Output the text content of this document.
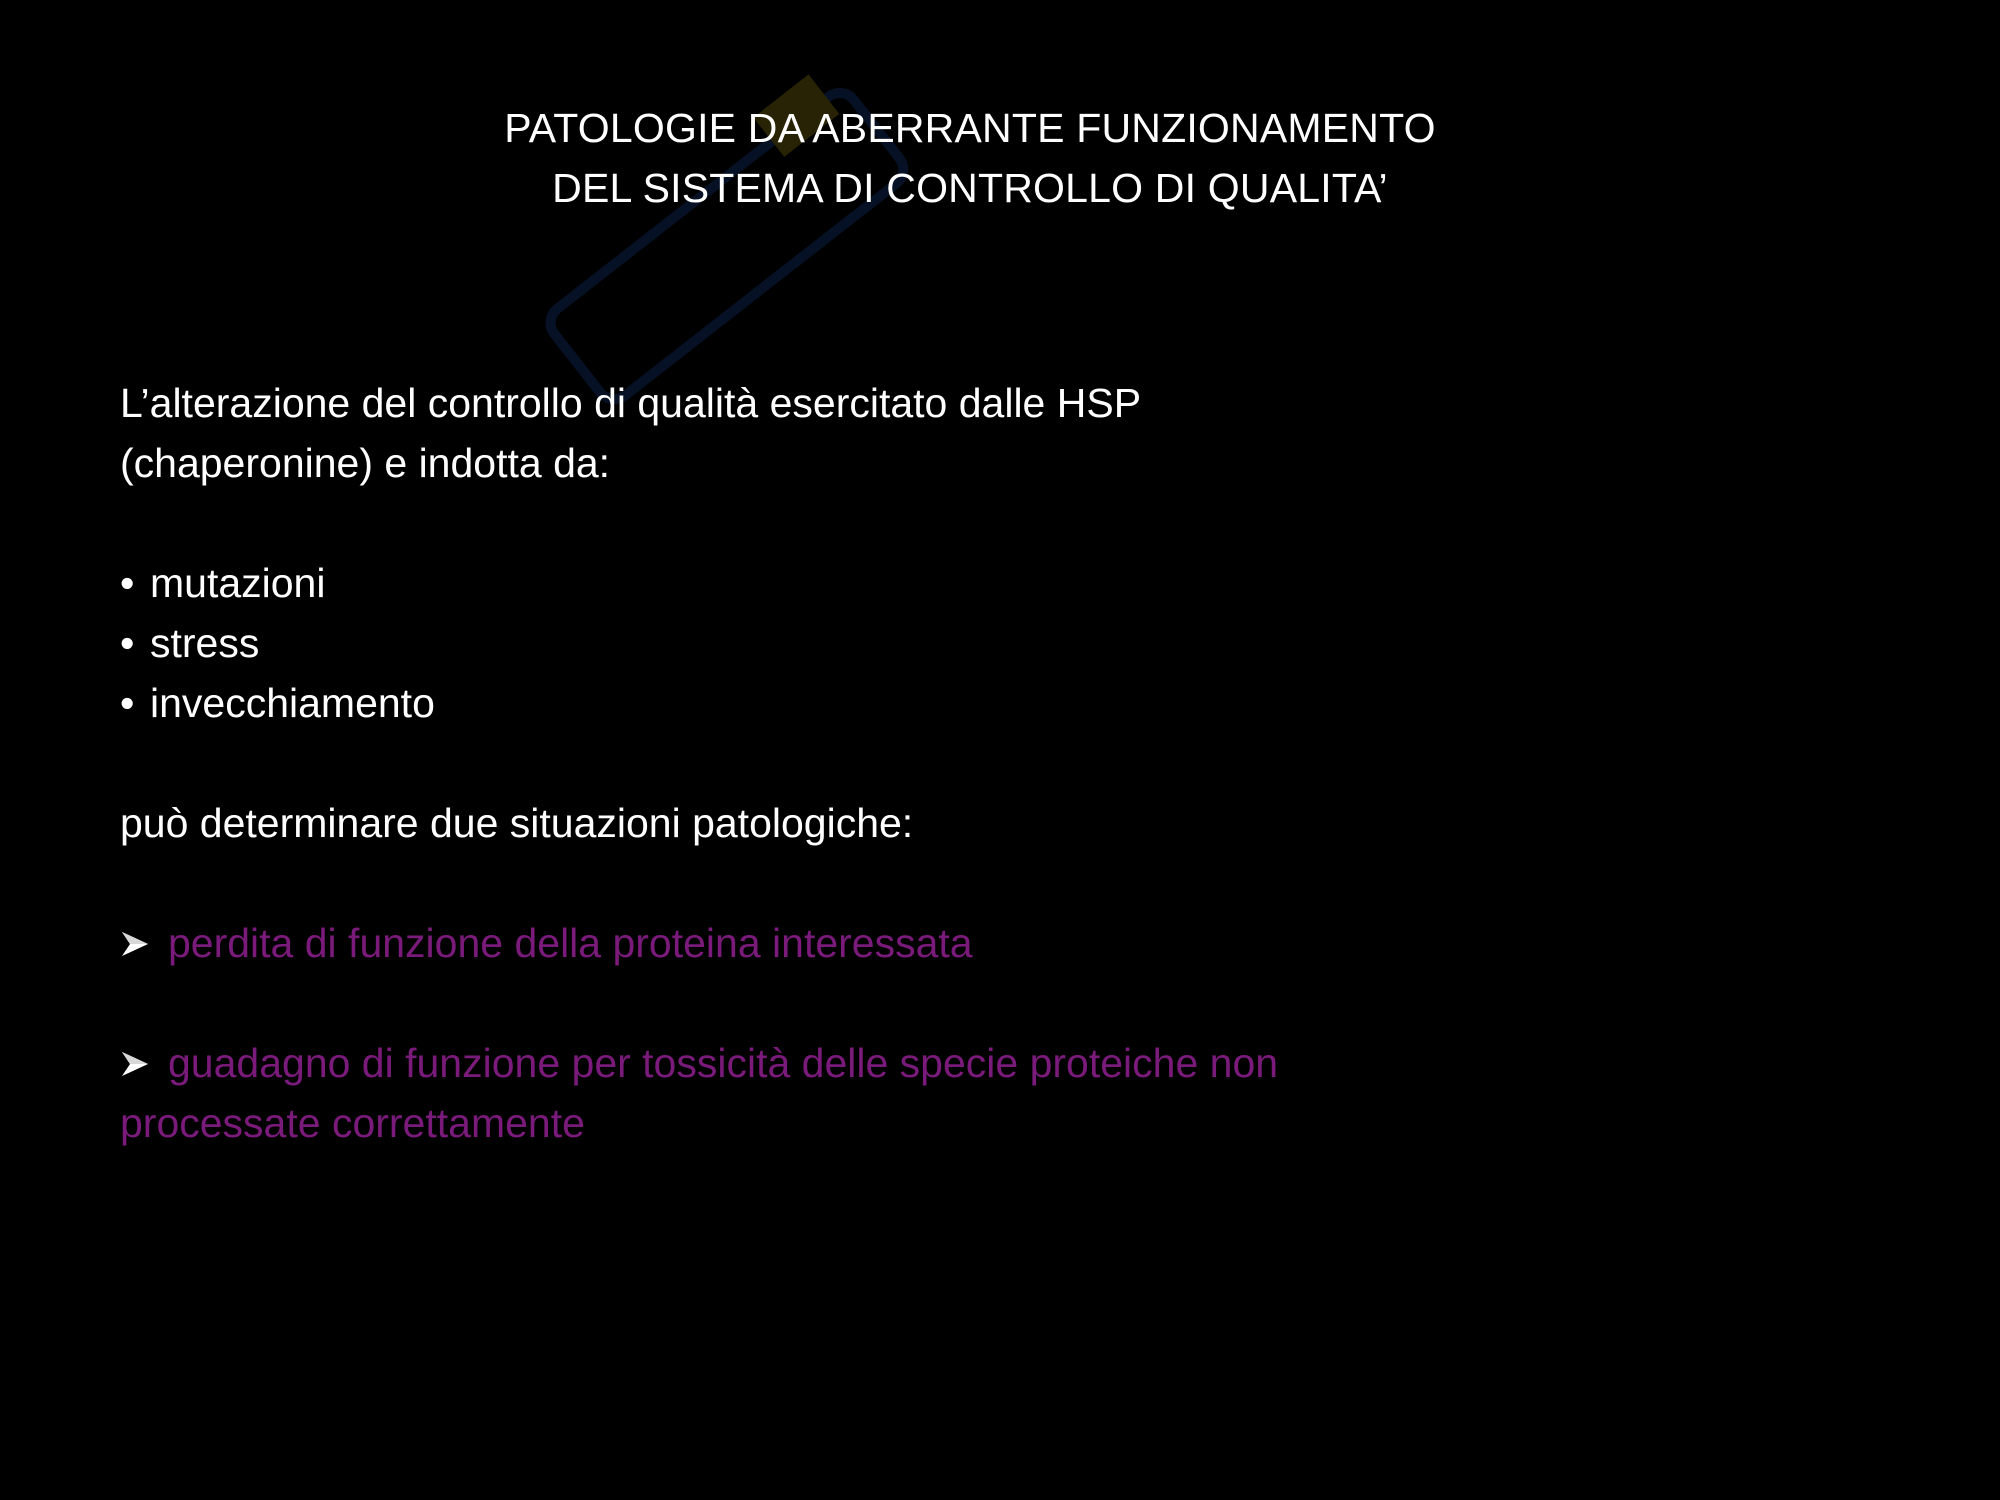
PATOLOGIE DA ABERRANTE FUNZIONAMENTO
DEL SISTEMA DI CONTROLLO DI QUALITA’
L’alterazione del controllo di qualità esercitato dalle HSP
(chaperonine) e indotta da:
• mutazioni
• stress
• invecchiamento
può determinare due situazioni patologiche:
perdita di funzione della proteina interessata
guadagno di funzione per tossicità delle specie proteiche non
processate correttamente
